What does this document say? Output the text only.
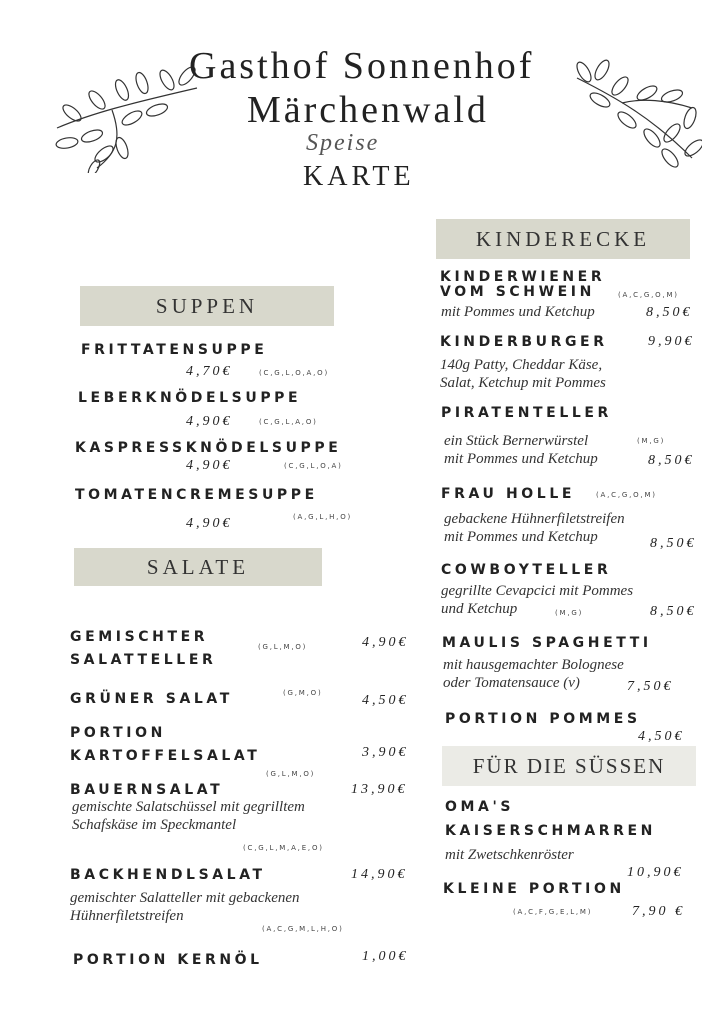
Gasthof Sonnenhof
Märchenwald
Speise
KARTE
SUPPEN
FRITTATENSUPPE
4,70€	(C,G,L,O,A,O)
LEBERKNÖDELSUPPE
4,90€	(C,G,L,A,O)
KASPRESSKNÖDELSUPPE
4,90€	(C,G,L,O,A)
TOMATENCREMESUPPE
4,90€	(A,G,L,H,O)
SALATE
GEMISCHTER
SALATTELLER
(G,L,M,O)	4,90€
GRÜNER SALAT	(G,M,O)	4,50€
PORTION
KARTOFFELSALAT	3,90€
(G,L,M,O)
BAUERNSALAT	13,90€
gemischte Salatschüssel mit gegrilltem
Schafskäse im Speckmantel
(C,G,L,M,A,E,O)
BACKHENDLSALAT	14,90€
gemischter Salatteller mit gebackenen
Hühnerfiletstreifen
(A,C,G,M,L,H,O)
PORTION KERNÖL	1,00€
KINDERECKE
KINDERWIENER
VOM SCHWEIN	(A,C,G,O,M)
mit Pommes und Ketchup	8,50€
KINDERBURGER	9,90€
140g Patty, Cheddar Käse,
Salat, Ketchup mit Pommes
PIRATENTELLER
ein Stück Bernerwürstel	(M,G)
mit Pommes und Ketchup	8,50€
FRAU HOLLE	(A,C,G,O,M)
gebackene Hühnerfiletstreifen
mit Pommes und Ketchup	8,50€
COWBOYTELLER
gegrillte Cevapcici mit Pommes
und Ketchup	(M,G)	8,50€
MAULIS SPAGHETTI
mit hausgemachter Bolognese
oder Tomatensauce (v)	7,50€
PORTION POMMES
4,50€
FÜR DIE SÜSSEN
OMA'S
KAISERSCHMARREN
mit Zwetschkenröster
10,90€
KLEINE PORTION
(A,C,F,G,E,L,M)	7,90 €
